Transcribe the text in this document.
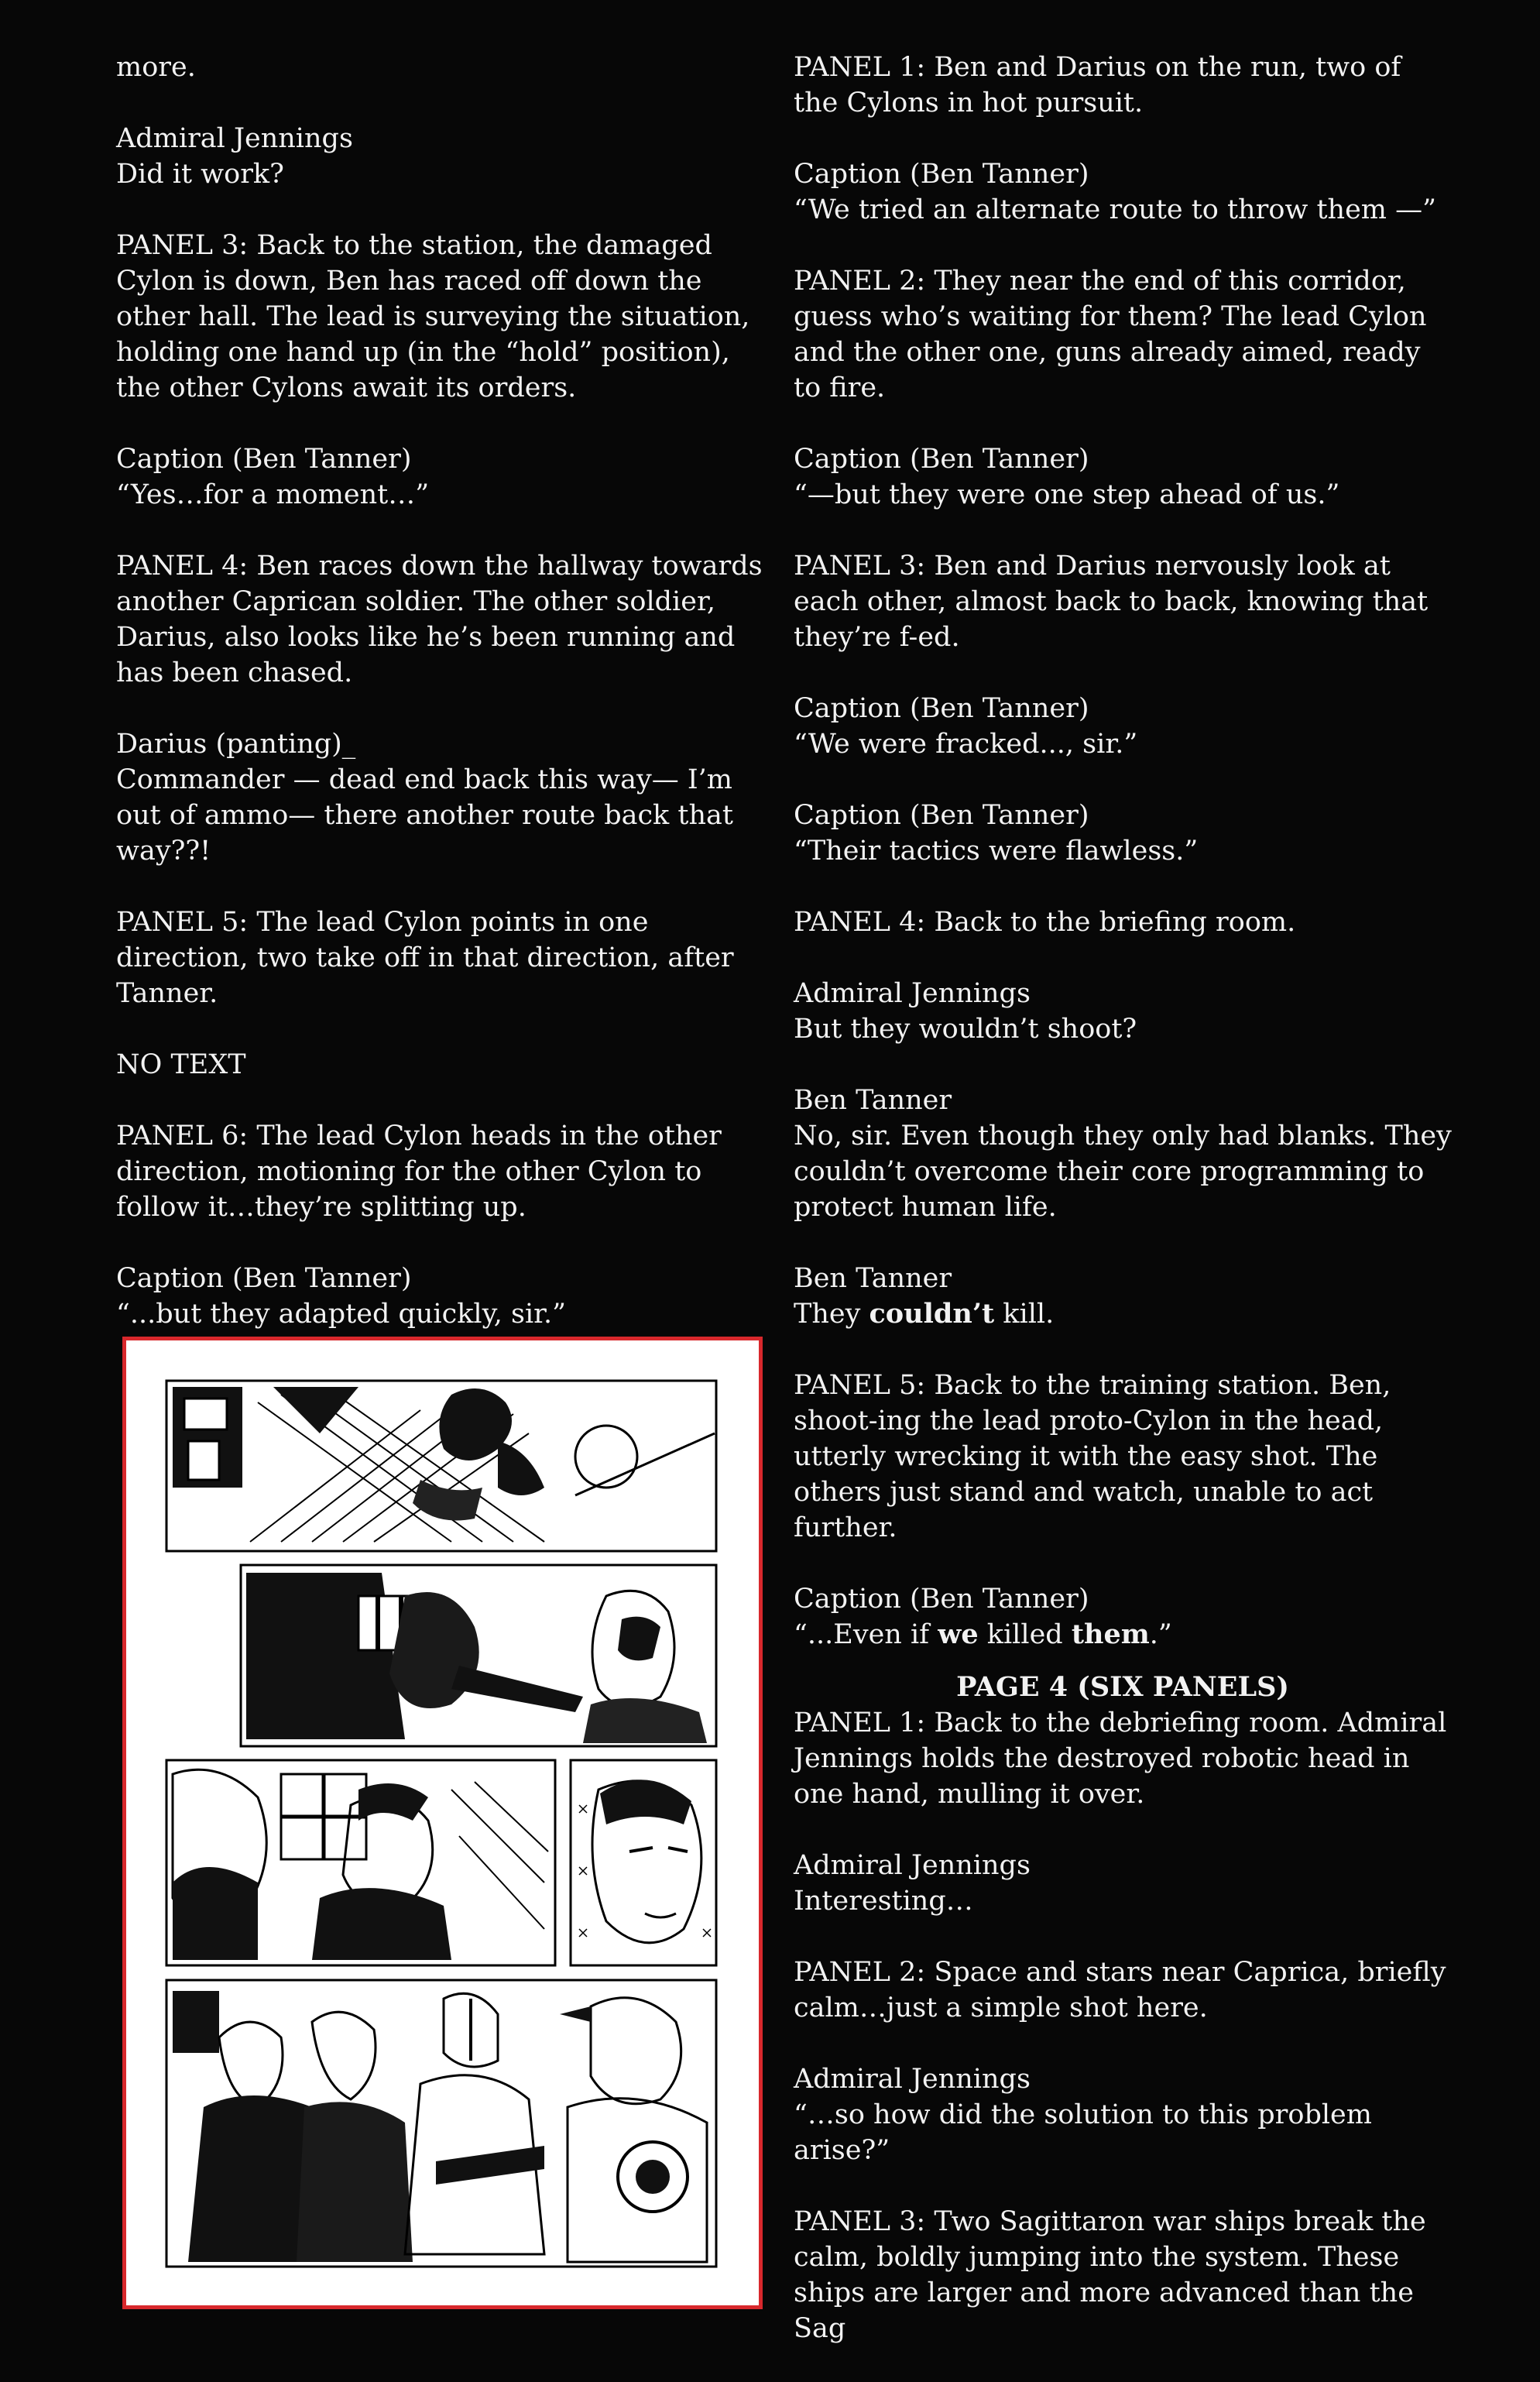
more.

Admiral Jennings
Did it work?

PANEL 3: Back to the station, the damaged Cylon is down, Ben has raced off down the other hall. The lead is surveying the situation, holding one hand up (in the “hold” position), the other Cylons await its orders.

Caption (Ben Tanner)
“Yes…for a moment…”

PANEL 4: Ben races down the hallway towards another Caprican soldier. The other soldier, Darius, also looks like he’s been running and has been chased.

Darius (panting)_
Commander — dead end back this way— I’m out of ammo— there another route back that way??!

PANEL 5: The lead Cylon points in one direction, two take off in that direction, after Tanner.

NO TEXT

PANEL 6: The lead Cylon heads in the other direction, motioning for the other Cylon to follow it…they’re splitting up.

Caption (Ben Tanner)
“...but they adapted quickly, sir.”

PANEL 1: Ben and Darius on the run, two of the Cylons in hot pursuit.

Caption (Ben Tanner)
“We tried an alternate route to throw them —”

PANEL 2: They near the end of this corridor, guess who’s waiting for them? The lead Cylon and the other one, guns already aimed, ready to fire.

Caption (Ben Tanner)
“—but they were one step ahead of us.”

PANEL 3: Ben and Darius nervously look at each other, almost back to back, knowing that they’re f-ed.

Caption (Ben Tanner)
“We were fracked..., sir.”

Caption (Ben Tanner)
“Their tactics were flawless.”

PANEL 4: Back to the briefing room.

Admiral Jennings
But they wouldn’t shoot?

Ben Tanner
No, sir. Even though they only had blanks. They couldn’t overcome their core programming to protect human life.

Ben Tanner
They couldn’t kill.

PANEL 5: Back to the training station. Ben, shoot-ing the lead proto-Cylon in the head, utterly wrecking it with the easy shot. The others just stand and watch, unable to act further.

Caption (Ben Tanner)
“...Even if we killed them.”

PAGE 4 (SIX PANELS)

PANEL 1: Back to the debriefing room. Admiral Jennings holds the destroyed robotic head in one hand, mulling it over.

Admiral Jennings
Interesting…

PANEL 2: Space and stars near Caprica, briefly calm…just a simple shot here.

Admiral Jennings
“…so how did the solution to this problem arise?”

PANEL 3: Two Sagittaron war ships break the calm, boldly jumping into the system. These ships are larger and more advanced than the Sag
